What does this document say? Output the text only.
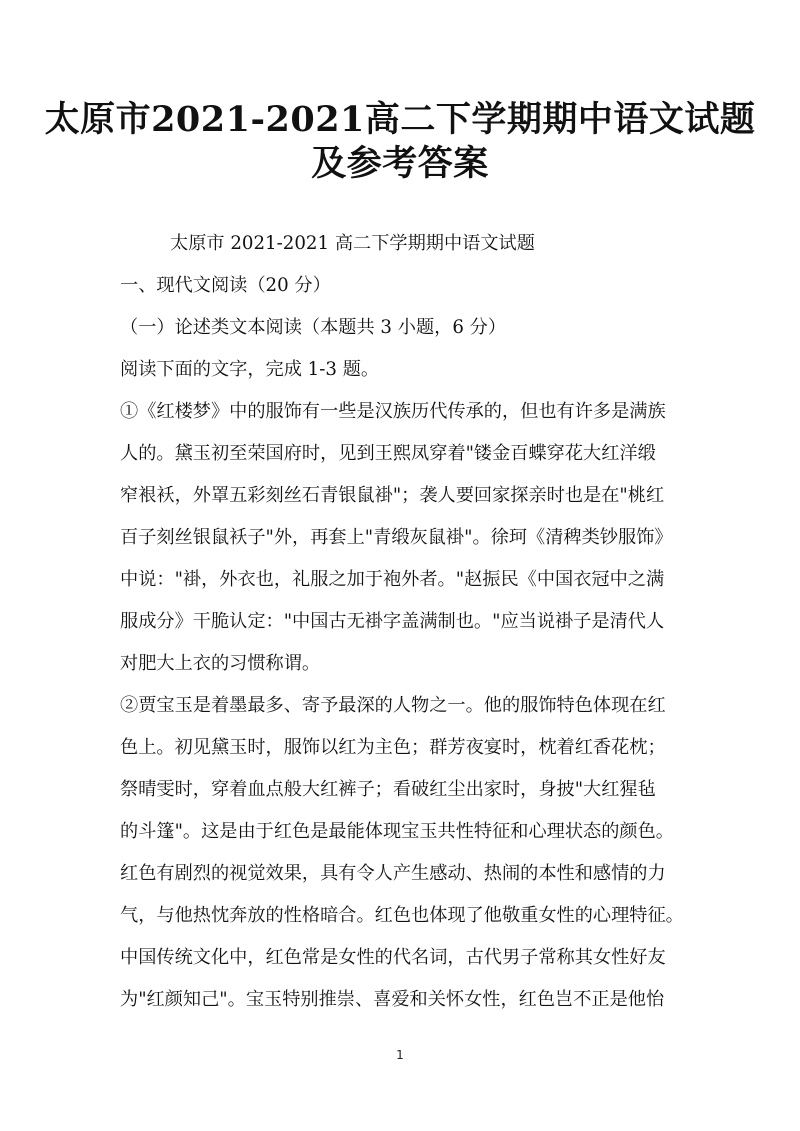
太原市2021-2021高二下学期期中语文试题
及参考答案

太原市 2021-2021 高二下学期期中语文试题

一、现代文阅读（20 分）

（一）论述类文本阅读（本题共 3 小题，6 分）

阅读下面的文字，完成 1-3 题。

①《红楼梦》中的服饰有一些是汉族历代传承的，但也有许多是满族

人的。黛玉初至荣国府时，见到王熙凤穿着"镂金百蝶穿花大红洋缎

窄裉袄，外罩五彩刻丝石青银鼠褂"；袭人要回家探亲时也是在"桃红

百子刻丝银鼠袄子"外，再套上"青缎灰鼠褂"。徐珂《清稗类钞服饰》

中说："褂，外衣也，礼服之加于袍外者。"赵振民《中国衣冠中之满

服成分》干脆认定："中国古无褂字盖满制也。"应当说褂子是清代人

对肥大上衣的习惯称谓。

②贾宝玉是着墨最多、寄予最深的人物之一。他的服饰特色体现在红

色上。初见黛玉时，服饰以红为主色；群芳夜宴时，枕着红香花枕；

祭晴雯时，穿着血点般大红裤子；看破红尘出家时，身披"大红猩毡

的斗篷"。这是由于红色是最能体现宝玉共性特征和心理状态的颜色。

红色有剧烈的视觉效果，具有令人产生感动、热闹的本性和感情的力

气，与他热忱奔放的性格暗合。红色也体现了他敬重女性的心理特征。

中国传统文化中，红色常是女性的代名词，古代男子常称其女性好友

为"红颜知己"。宝玉特别推崇、喜爱和关怀女性，红色岂不正是他怡

1
